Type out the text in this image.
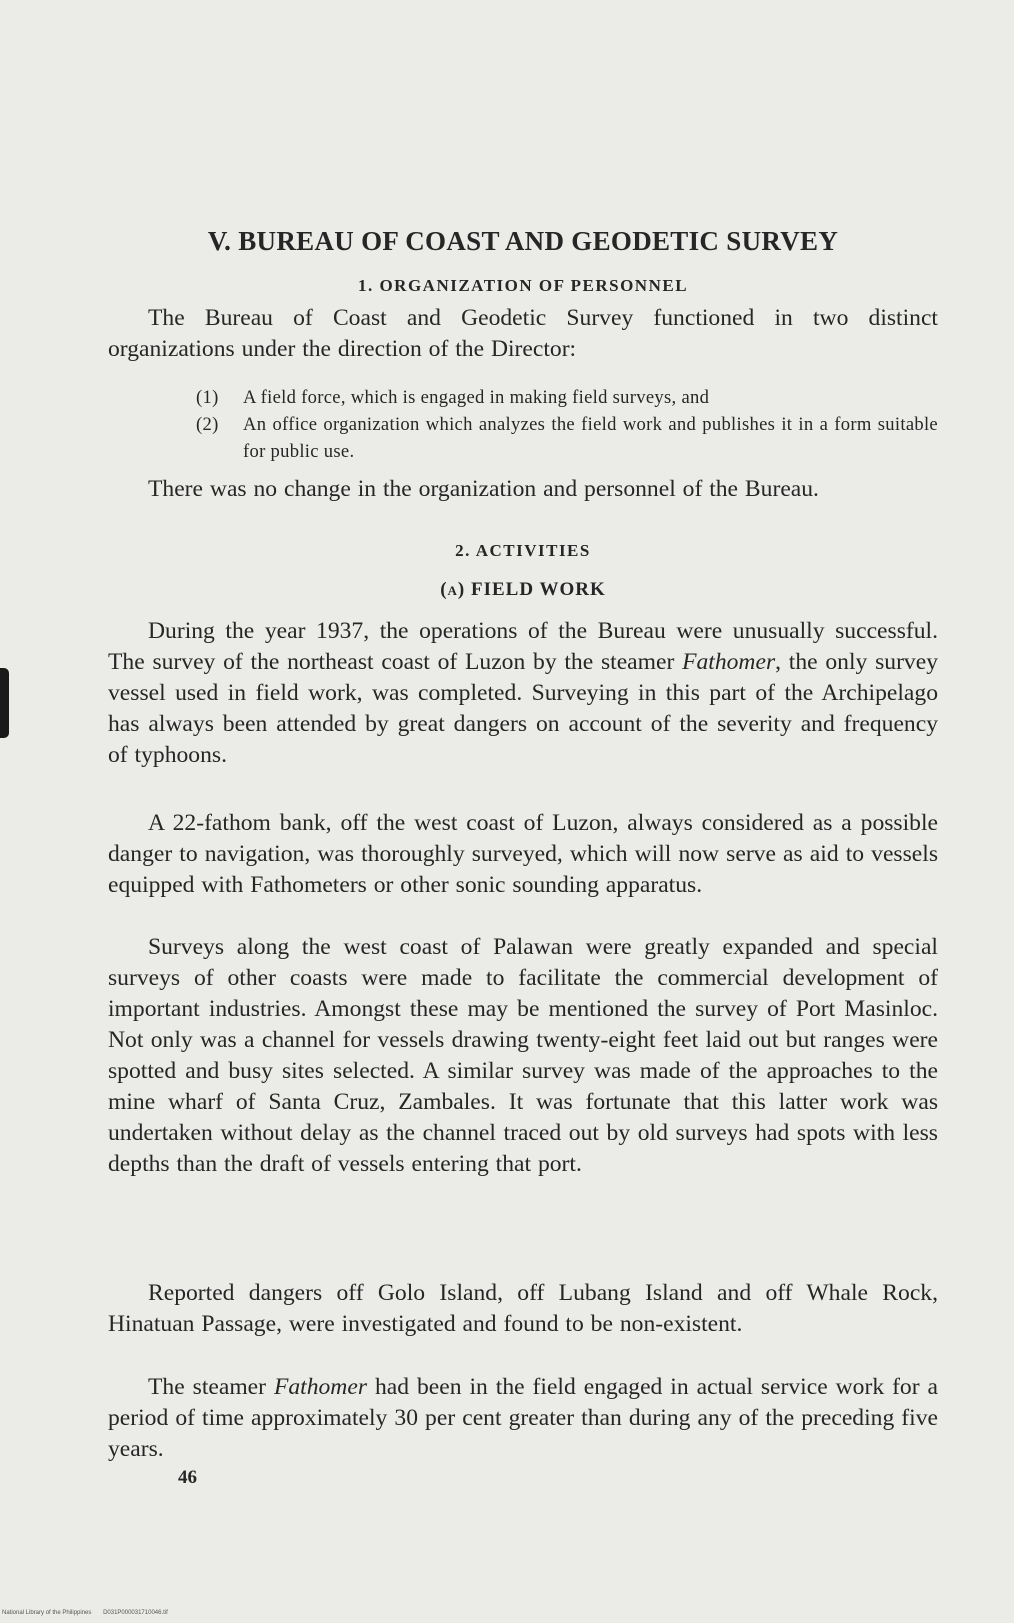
V. BUREAU OF COAST AND GEODETIC SURVEY
1. ORGANIZATION OF PERSONNEL

The Bureau of Coast and Geodetic Survey functioned in two distinct organizations under the direction of the Director:

(1)	A field force, which is engaged in making field surveys, and
(2)	An office organization which analyzes the field work and publishes it in a form suitable for public use.

There was no change in the organization and personnel of the Bureau.

2. ACTIVITIES
(a) FIELD WORK

During the year 1937, the operations of the Bureau were unusually successful. The survey of the northeast coast of Luzon by the steamer Fathomer, the only survey vessel used in field work, was completed. Surveying in this part of the Archipelago has always been attended by great dangers on account of the severity and frequency of typhoons.

A 22-fathom bank, off the west coast of Luzon, always considered as a possible danger to navigation, was thoroughly surveyed, which will now serve as aid to vessels equipped with Fathometers or other sonic sounding apparatus.

Surveys along the west coast of Palawan were greatly expanded and special surveys of other coasts were made to facilitate the commercial development of important industries. Amongst these may be mentioned the survey of Port Masinloc. Not only was a channel for vessels drawing twenty-eight feet laid out but ranges were spotted and busy sites selected. A similar survey was made of the approaches to the mine wharf of Santa Cruz, Zambales. It was fortunate that this latter work was undertaken without delay as the channel traced out by old surveys had spots with less depths than the draft of vessels entering that port.

Reported dangers off Golo Island, off Lubang Island and off Whale Rock, Hinatuan Passage, were investigated and found to be non-existent.

The steamer Fathomer had been in the field engaged in actual service work for a period of time approximately 30 per cent greater than during any of the preceding five years.

46

National Library of the Philippines D031P000031710046.tif
